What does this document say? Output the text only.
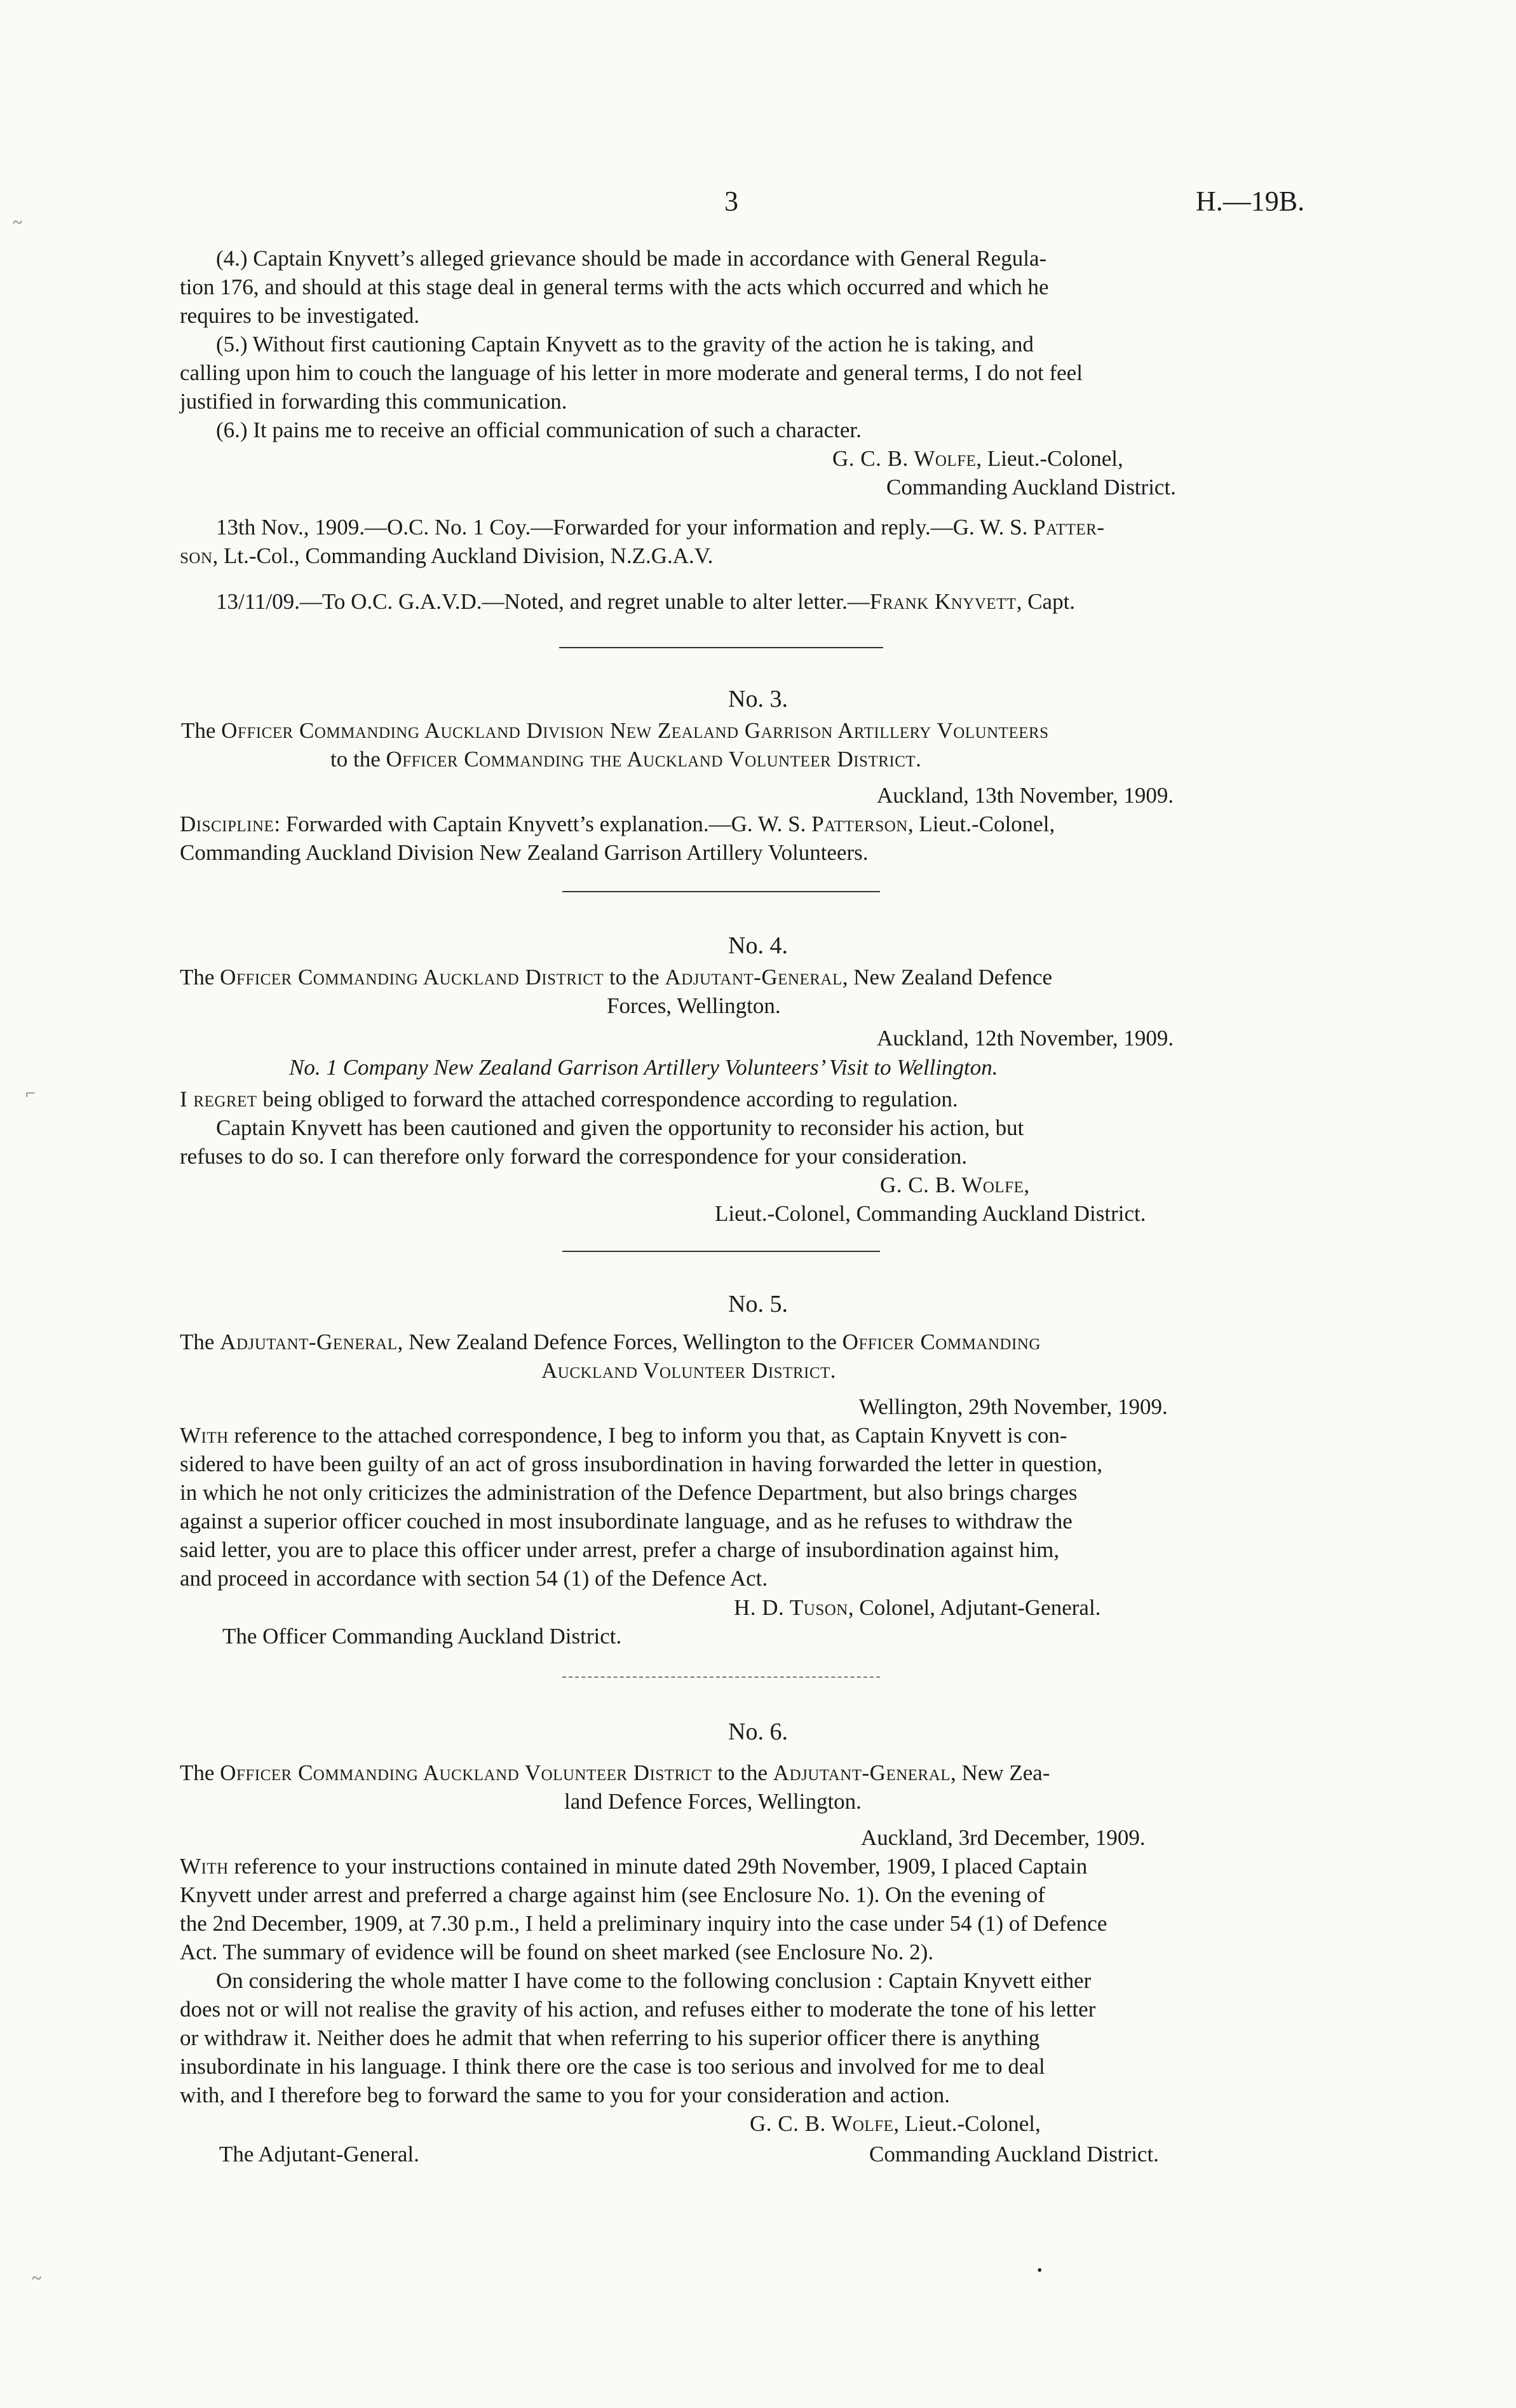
3	H.—19B.
~
⌐
~
(4.) Captain Knyvett’s alleged grievance should be made in accordance with General Regula-
tion 176, and should at this stage deal in general terms with the acts which occurred and which he
requires to be investigated.
(5.) Without first cautioning Captain Knyvett as to the gravity of the action he is taking, and
calling upon him to couch the language of his letter in more moderate and general terms, I do not feel
justified in forwarding this communication.
(6.) It pains me to receive an official communication of such a character.
G. C. B. Wolfe, Lieut.-Colonel,
Commanding Auckland District.
13th Nov., 1909.—O.C. No. 1 Coy.—Forwarded for your information and reply.—G. W. S. Patter-
son, Lt.-Col., Commanding Auckland Division, N.Z.G.A.V.
13/11/09.—To O.C. G.A.V.D.—Noted, and regret unable to alter letter.—Frank Knyvett, Capt.
No. 3.
The Officer Commanding Auckland Division New Zealand Garrison Artillery Volunteers
to the Officer Commanding the Auckland Volunteer District.
Auckland, 13th November, 1909.
Discipline: Forwarded with Captain Knyvett’s explanation.—G. W. S. Patterson, Lieut.-Colonel,
Commanding Auckland Division New Zealand Garrison Artillery Volunteers.
No. 4.
The Officer Commanding Auckland District to the Adjutant-General, New Zealand Defence
Forces, Wellington.
Auckland, 12th November, 1909.
No. 1 Company New Zealand Garrison Artillery Volunteers’ Visit to Wellington.
I regret being obliged to forward the attached correspondence according to regulation.
Captain Knyvett has been cautioned and given the opportunity to reconsider his action, but
refuses to do so. I can therefore only forward the correspondence for your consideration.
G. C. B. Wolfe,
Lieut.-Colonel, Commanding Auckland District.
No. 5.
The Adjutant-General, New Zealand Defence Forces, Wellington to the Officer Commanding
Auckland Volunteer District.
Wellington, 29th November, 1909.
With reference to the attached correspondence, I beg to inform you that, as Captain Knyvett is con-
sidered to have been guilty of an act of gross insubordination in having forwarded the letter in question,
in which he not only criticizes the administration of the Defence Department, but also brings charges
against a superior officer couched in most insubordinate language, and as he refuses to withdraw the
said letter, you are to place this officer under arrest, prefer a charge of insubordination against him,
and proceed in accordance with section 54 (1) of the Defence Act.
H. D. Tuson, Colonel, Adjutant-General.
The Officer Commanding Auckland District.
No. 6.
The Officer Commanding Auckland Volunteer District to the Adjutant-General, New Zea-
land Defence Forces, Wellington.
Auckland, 3rd December, 1909.
With reference to your instructions contained in minute dated 29th November, 1909, I placed Captain
Knyvett under arrest and preferred a charge against him (see Enclosure No. 1). On the evening of
the 2nd December, 1909, at 7.30 p.m., I held a preliminary inquiry into the case under 54 (1) of Defence
Act. The summary of evidence will be found on sheet marked (see Enclosure No. 2).
On considering the whole matter I have come to the following conclusion : Captain Knyvett either
does not or will not realise the gravity of his action, and refuses either to moderate the tone of his letter
or withdraw it. Neither does he admit that when referring to his superior officer there is anything
insubordinate in his language. I think there ore the case is too serious and involved for me to deal
with, and I therefore beg to forward the same to you for your consideration and action.
G. C. B. Wolfe, Lieut.-Colonel,
The Adjutant-General.	Commanding Auckland District.
•
